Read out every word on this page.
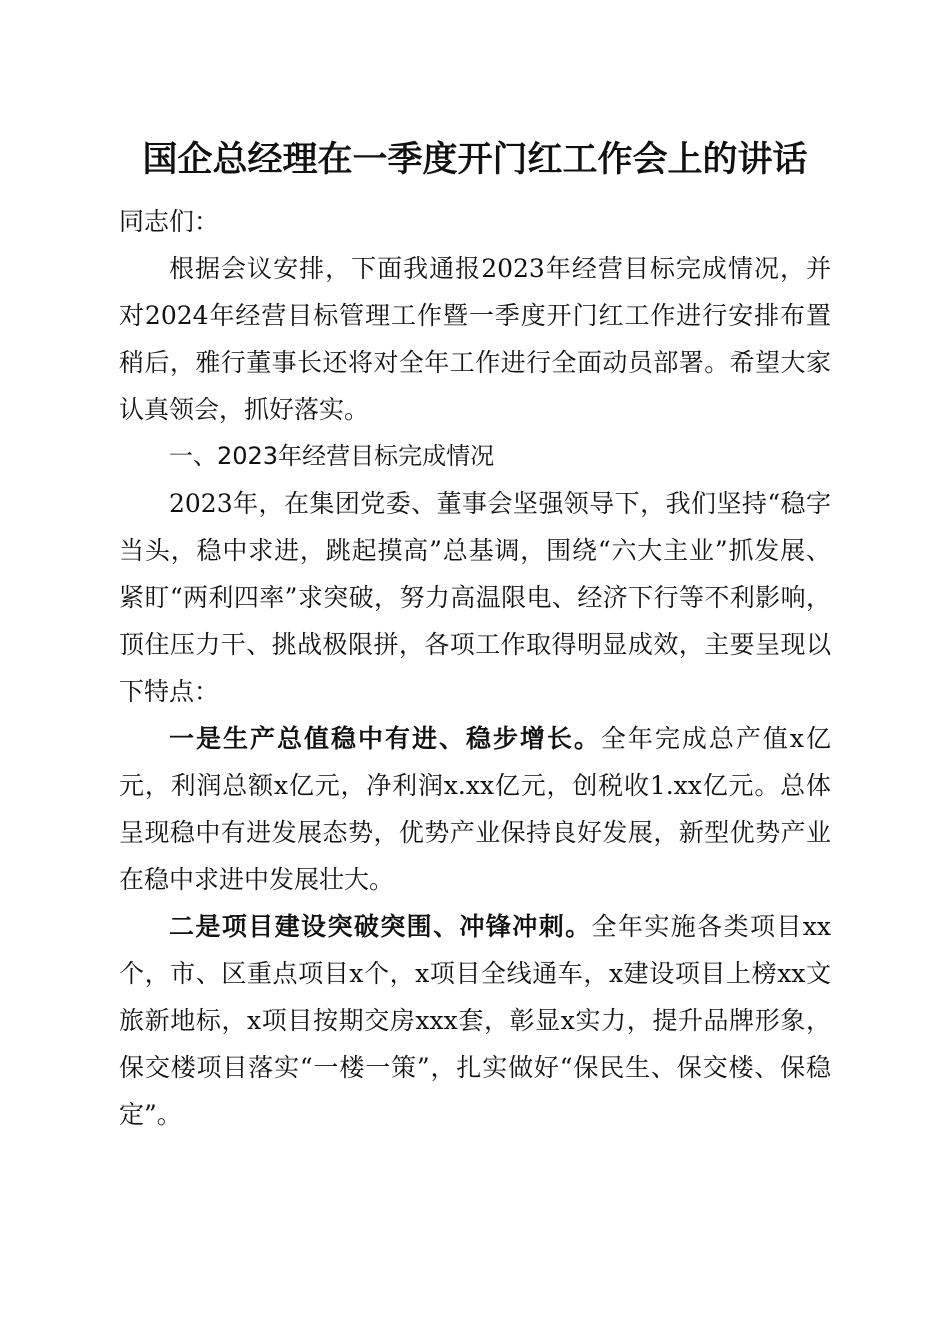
国企总经理在一季度开门红工作会上的讲话

同志们：

根据会议安排，下面我通报2023年经营目标完成情况，并对2024年经营目标管理工作暨一季度开门红工作进行安排布置稍后，雅行董事长还将对全年工作进行全面动员部署。希望大家认真领会，抓好落实。

一、2023年经营目标完成情况

2023年，在集团党委、董事会坚强领导下，我们坚持“稳字当头，稳中求进，跳起摸高”总基调，围绕“六大主业”抓发展、紧盯“两利四率”求突破，努力高温限电、经济下行等不利影响，顶住压力干、挑战极限拼，各项工作取得明显成效，主要呈现以下特点：

一是生产总值稳中有进、稳步增长。全年完成总产值x亿元，利润总额x亿元，净利润x.xx亿元，创税收1.xx亿元。总体呈现稳中有进发展态势，优势产业保持良好发展，新型优势产业在稳中求进中发展壮大。

二是项目建设突破突围、冲锋冲刺。全年实施各类项目xx个，市、区重点项目x个，x项目全线通车，x建设项目上榜xx文旅新地标，x项目按期交房xxx套，彰显x实力，提升品牌形象，保交楼项目落实“一楼一策”，扎实做好“保民生、保交楼、保稳定”。
